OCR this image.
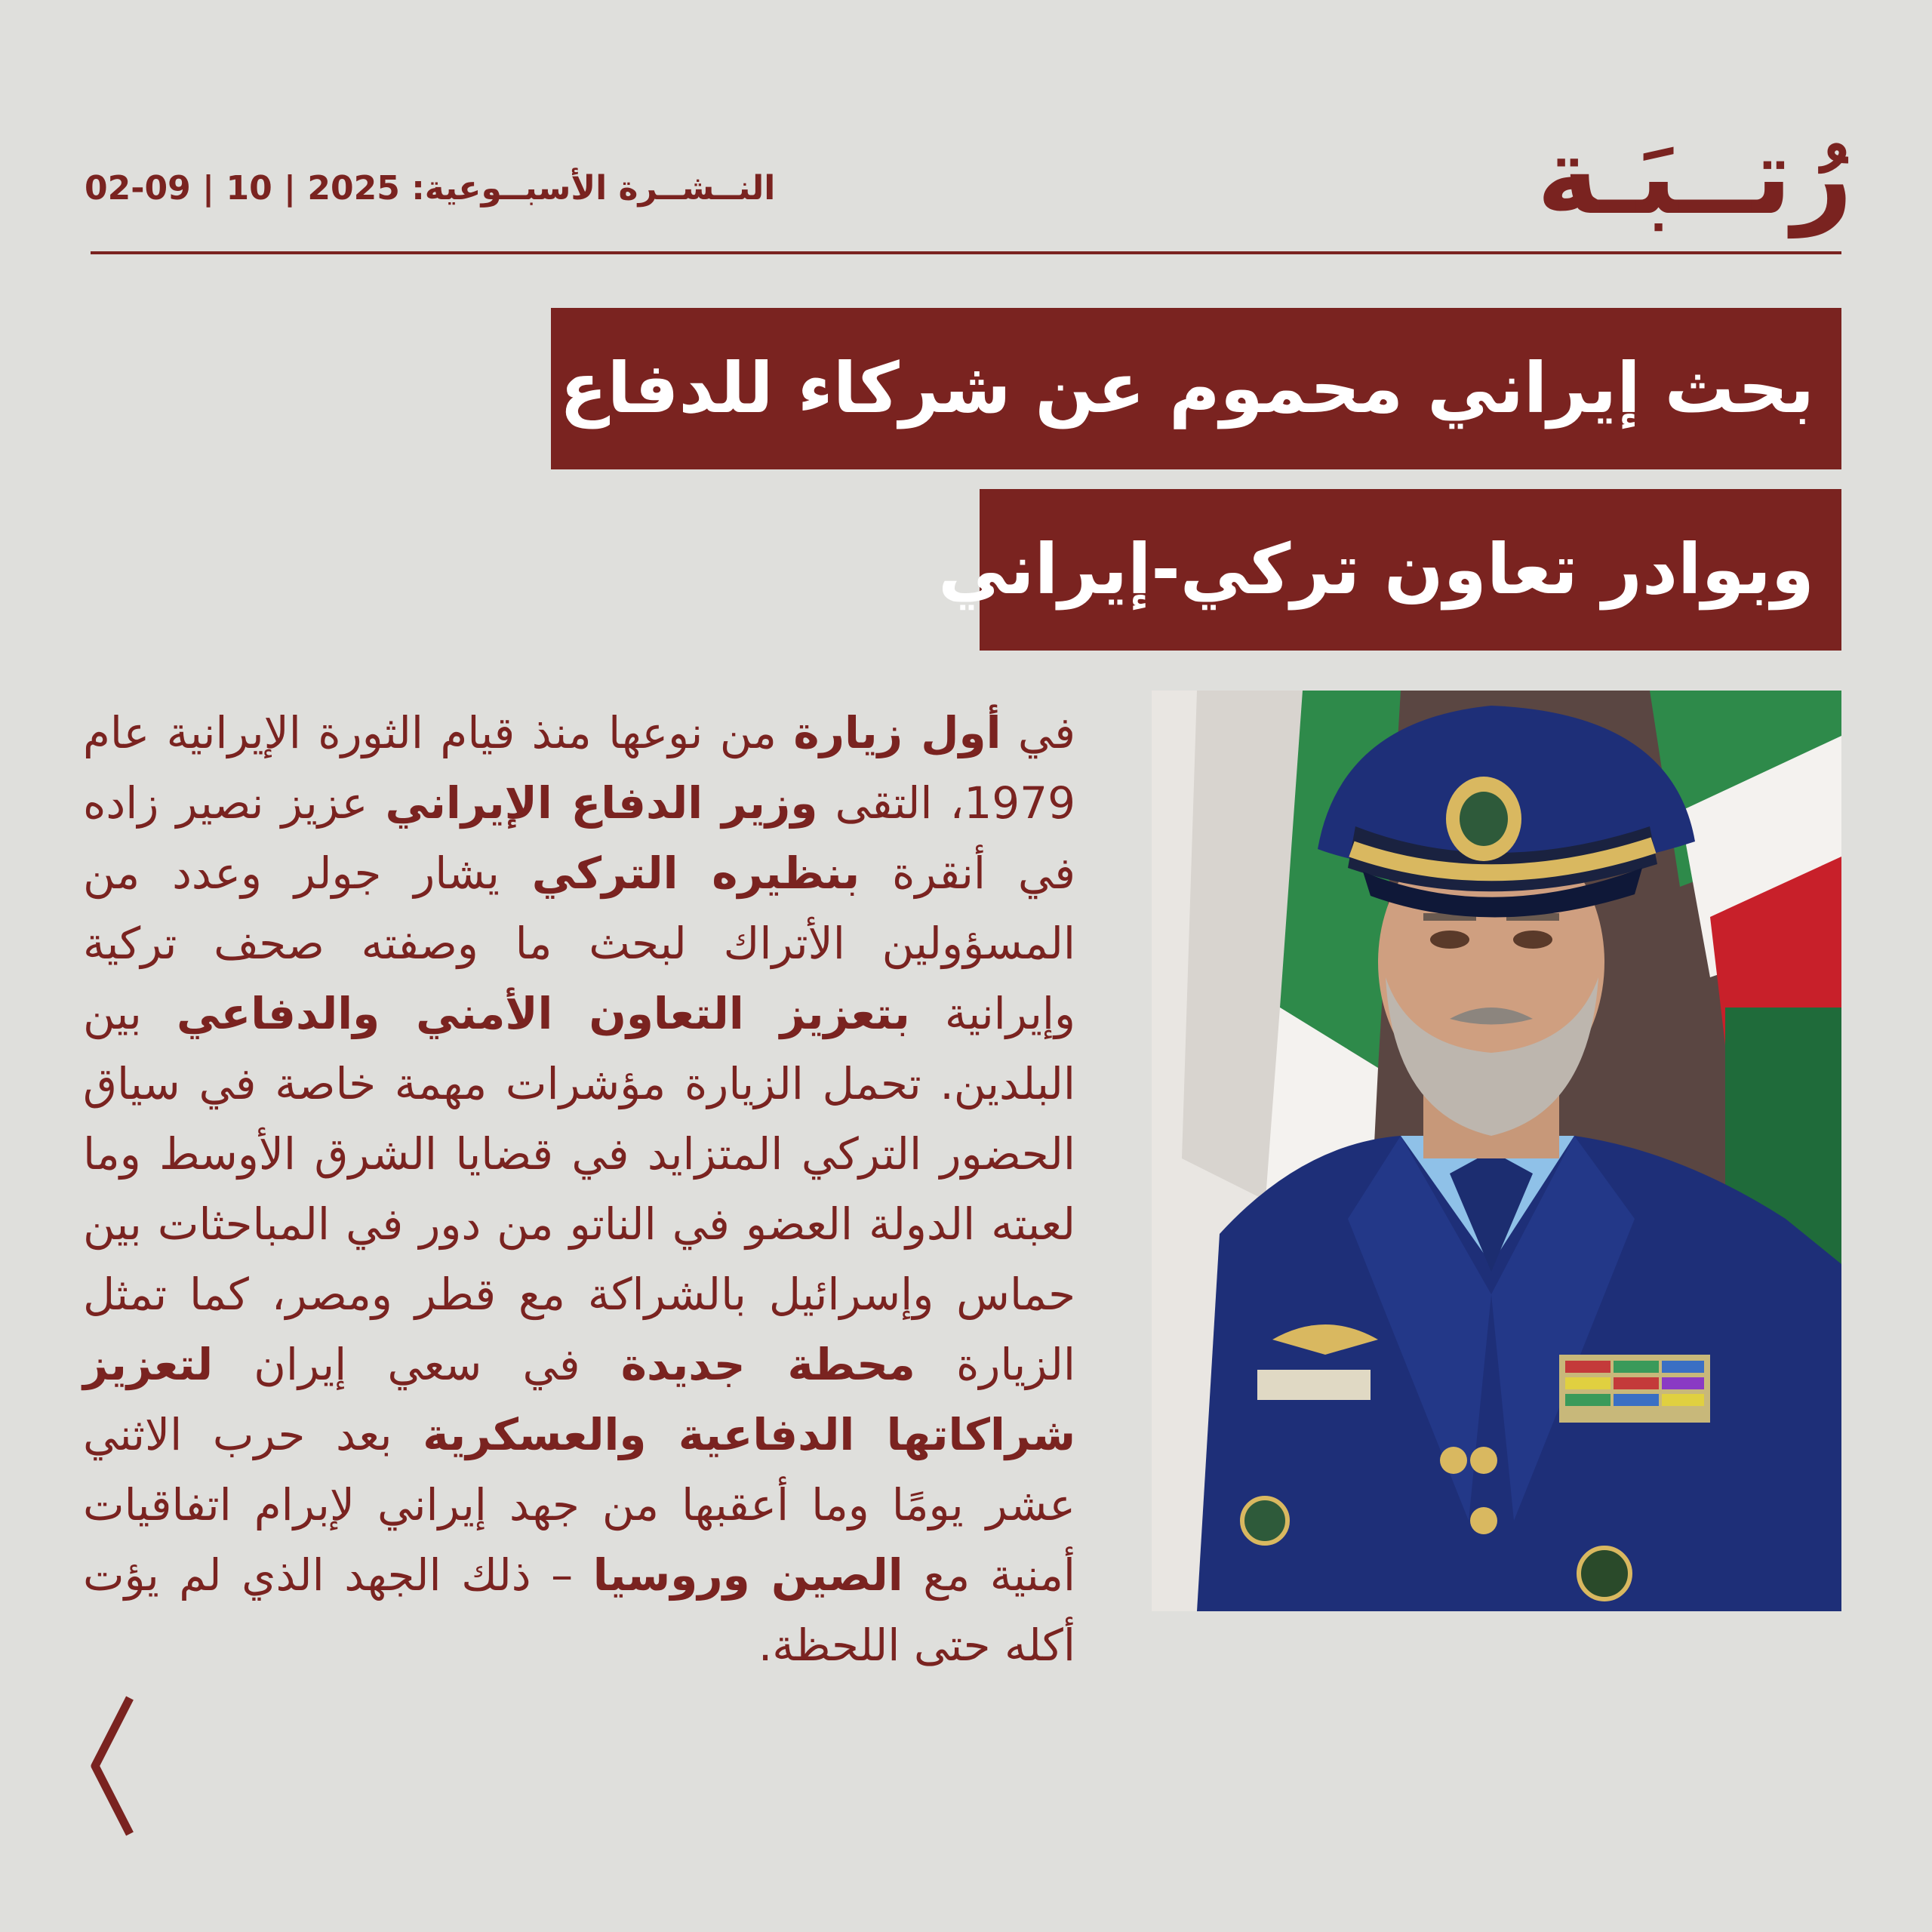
رُتــبَـة
النــشــرة الأسبــوعية: 2025 | 10 | 09-02
بحث إيراني محموم عن شركاء للدفاع
وبوادر تعاون تركي-إيراني
في أول زيارة من نوعها منذ قيام الثورة الإيرانية عام 1979، التقى وزير الدفاع الإيراني عزيز نصير زاده في أنقرة بنظيره التركي يشار جولر وعدد من المسؤولين الأتراك لبحث ما وصفته صحف تركية وإيرانية بتعزيز التعاون الأمني والدفاعي بين البلدين. تحمل الزيارة مؤشرات مهمة خاصة في سياق الحضور التركي المتزايد في قضايا الشرق الأوسط وما لعبته الدولة العضو في الناتو من دور في المباحثات بين حماس وإسرائيل بالشراكة مع قطر ومصر، كما تمثل الزيارة محطة جديدة في سعي إيران لتعزيز شراكاتها الدفاعية والعسكرية بعد حرب الاثني عشر يومًا وما أعقبها من جهد إيراني لإبرام اتفاقيات أمنية مع الصين وروسيا – ذلك الجهد الذي لم يؤت أكله حتى اللحظة.
